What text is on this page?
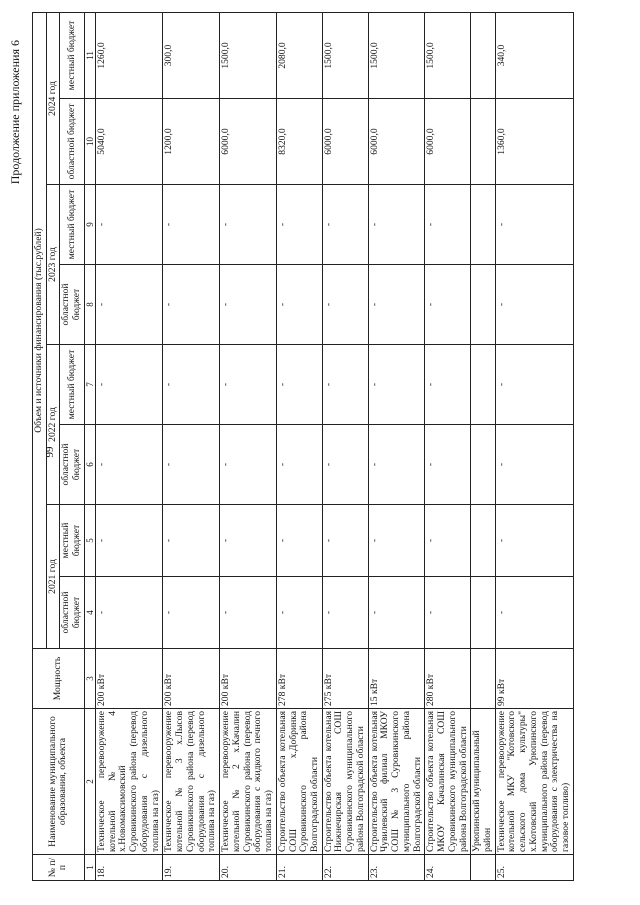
99
Продолжение приложения 6
№ п/п	Наименование муниципального образования, объекта	Мощность	Объем и источники финансирования (тыс.рублей)							
			2021 год		2022 год		2023 год		2024 год	
			областной бюджет	местный бюджет	областной бюджет	местный бюджет	областной бюджет	местный бюджет	областной бюджет	местный бюджет
1	2	3	4	5	6	7	8	9	10	11
18.	Техническое перевооружение котельной № 4 х.Новомаксимовский Суровикинского района (перевод оборудования с дизельного топлива на газ)	200 кВт	-	-	-	-	-	-	5040,0	1260,0
19.	Техническое перевооружение котельной № 3 х.Лысов Суровикинского района (перевод оборудования с дизельного топлива на газ)	200 кВт	-	-	-	-	-	-	1200,0	300,0
20.	Техническое перевооружение котельной № 2 х.Качалин Суровикинского района (перевод оборудования с жидкого печного топлива на газ)	200 кВт	-	-	-	-	-	-	6000,0	1500,0
21.	Строительство объекта котельная СОШ х.Добринка Суровикинского района Волгоградской области	278 кВт	-	-	-	-	-	-	8320,0	2080,0
22.	Строительство объекта котельная Нижнечирская СОШ Суровикинского муниципального района Волгоградской области	275 кВт	-	-	-	-	-	-	6000,0	1500,0
23.	Строительство объекта котельная Чувилевский филиал МКОУ СОШ № 3 Суровикинского муниципального района Волгоградской области	15 кВт	-	-	-	-	-	-	6000,0	1500,0
24.	Строительство объекта котельная МКОУ Качалинская СОШ Суровикинского муниципального района Волгоградской области	280 кВт	-	-	-	-	-	-	6000,0	1500,0
	Урюпинский муниципальный район									
25.	Техническое перевооружение котельной МКУ "Котовского сельского дома культуры" х.Котовский Урюпинского муниципального района (перевод оборудования с электричества на газовое топливо)	99 кВт	-	-	-	-	-	-	1360,0	340,0
